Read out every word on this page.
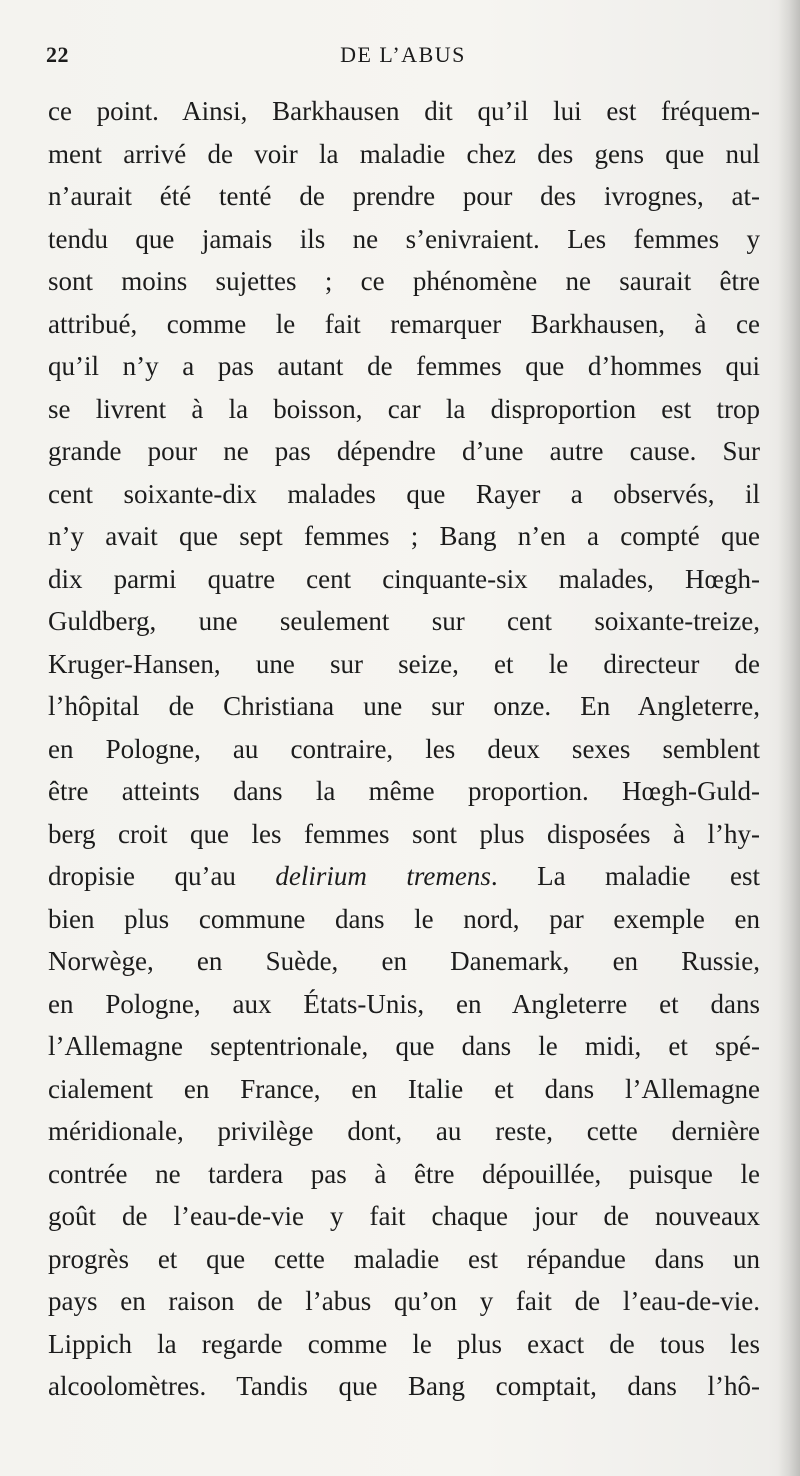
22	DE L’ABUS
ce point. Ainsi, Barkhausen dit qu’il lui est fréquem-
ment arrivé de voir la maladie chez des gens que nul
n’aurait été tenté de prendre pour des ivrognes, at-
tendu que jamais ils ne s’enivraient. Les femmes y
sont moins sujettes ; ce phénomène ne saurait être
attribué, comme le fait remarquer Barkhausen, à ce
qu’il n’y a pas autant de femmes que d’hommes qui
se livrent à la boisson, car la disproportion est trop
grande pour ne pas dépendre d’une autre cause. Sur
cent soixante-dix malades que Rayer a observés, il
n’y avait que sept femmes ; Bang n’en a compté que
dix parmi quatre cent cinquante-six malades, Hœgh-
Guldberg, une seulement sur cent soixante-treize,
Kruger-Hansen, une sur seize, et le directeur de
l’hôpital de Christiana une sur onze. En Angleterre,
en Pologne, au contraire, les deux sexes semblent
être atteints dans la même proportion. Hœgh-Guld-
berg croit que les femmes sont plus disposées à l’hy-
dropisie qu’au delirium tremens. La maladie est
bien plus commune dans le nord, par exemple en
Norwège, en Suède, en Danemark, en Russie,
en Pologne, aux États-Unis, en Angleterre et dans
l’Allemagne septentrionale, que dans le midi, et spé-
cialement en France, en Italie et dans l’Allemagne
méridionale, privilège dont, au reste, cette dernière
contrée ne tardera pas à être dépouillée, puisque le
goût de l’eau-de-vie y fait chaque jour de nouveaux
progrès et que cette maladie est répandue dans un
pays en raison de l’abus qu’on y fait de l’eau-de-vie.
Lippich la regarde comme le plus exact de tous les
alcoolomètres. Tandis que Bang comptait, dans l’hô-
